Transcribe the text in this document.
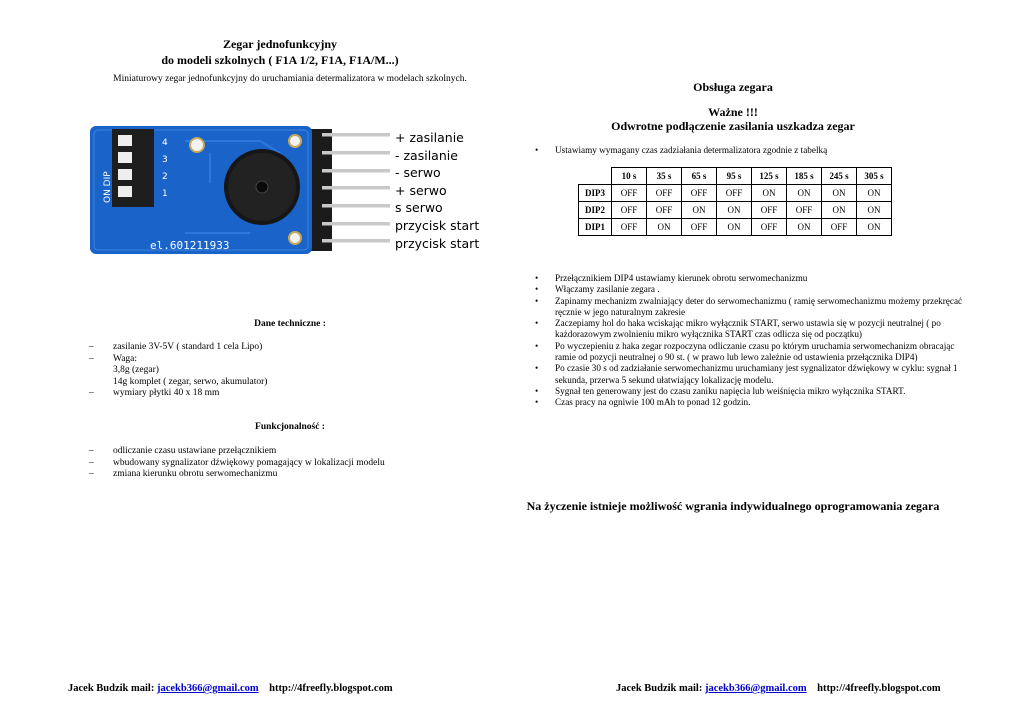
Zegar jednofunkcyjny
do modeli szkolnych ( F1A 1/2, F1A, F1A/M...)
Miniaturowy zegar jednofunkcyjny do uruchamiania determalizatora w modelach szkolnych.
ON DIP
4
3
2
1
el.601211933
+ zasilanie
- zasilanie
- serwo
+ serwo
s serwo
przycisk start
przycisk start
Dane techniczne :
– zasilanie 3V-5V ( standard 1 cela Lipo)
– Waga:
3,8g (zegar)
14g komplet ( zegar, serwo, akumulator)
– wymiary płytki 40 x 18 mm
Funkcjonalność :
– odliczanie czasu ustawiane przełącznikiem
– wbudowany sygnalizator dźwiękowy pomagający w lokalizacji modelu
– zmiana kierunku obrotu serwomechanizmu
Obsługa zegara
Ważne !!!
Odwrotne podłączenie zasilania uszkadza zegar
• Ustawiamy wymagany czas zadziałania determalizatora zgodnie z tabelką
	10 s	35 s	65 s	95 s	125 s	185 s	245 s	305 s
DIP3	OFF	OFF	OFF	OFF	ON	ON	ON	ON
DIP2	OFF	OFF	ON	ON	OFF	OFF	ON	ON
DIP1	OFF	ON	OFF	ON	OFF	ON	OFF	ON
• Przełącznikiem DIP4 ustawiamy kierunek obrotu serwomechanizmu
• Włączamy zasilanie zegara .
• Zapinamy mechanizm zwalniający deter do serwomechanizmu ( ramię serwomechanizmu możemy przekręcać ręcznie w jego naturalnym zakresie
• Zaczepiamy hol do haka wciskając mikro wyłącznik START, serwo ustawia się w pozycji neutralnej ( po każdorazowym zwolnieniu mikro wyłącznika START czas odlicza się od początku)
• Po wyczepieniu z haka zegar rozpoczyna odliczanie czasu po którym uruchamia serwomechanizm obracając ramie od pozycji neutralnej o 90 st. ( w prawo lub lewo zależnie od ustawienia przełącznika DIP4)
• Po czasie 30 s od zadziałanie serwomechanizmu uruchamiany jest sygnalizator dźwiękowy w cyklu: sygnał 1 sekunda, przerwa 5 sekund ułatwiający lokalizację modelu.
• Sygnał ten generowany jest do czasu zaniku napięcia lub weiśnięcia mikro wyłącznika START.
• Czas pracy na ogniwie 100 mAh to ponad 12 godzin.
Na życzenie istnieje możliwość wgrania indywidualnego oprogramowania zegara
Jacek Budzik mail: jacekb366@gmail.com http://4freefly.blogspot.com	Jacek Budzik mail: jacekb366@gmail.com http://4freefly.blogspot.com
